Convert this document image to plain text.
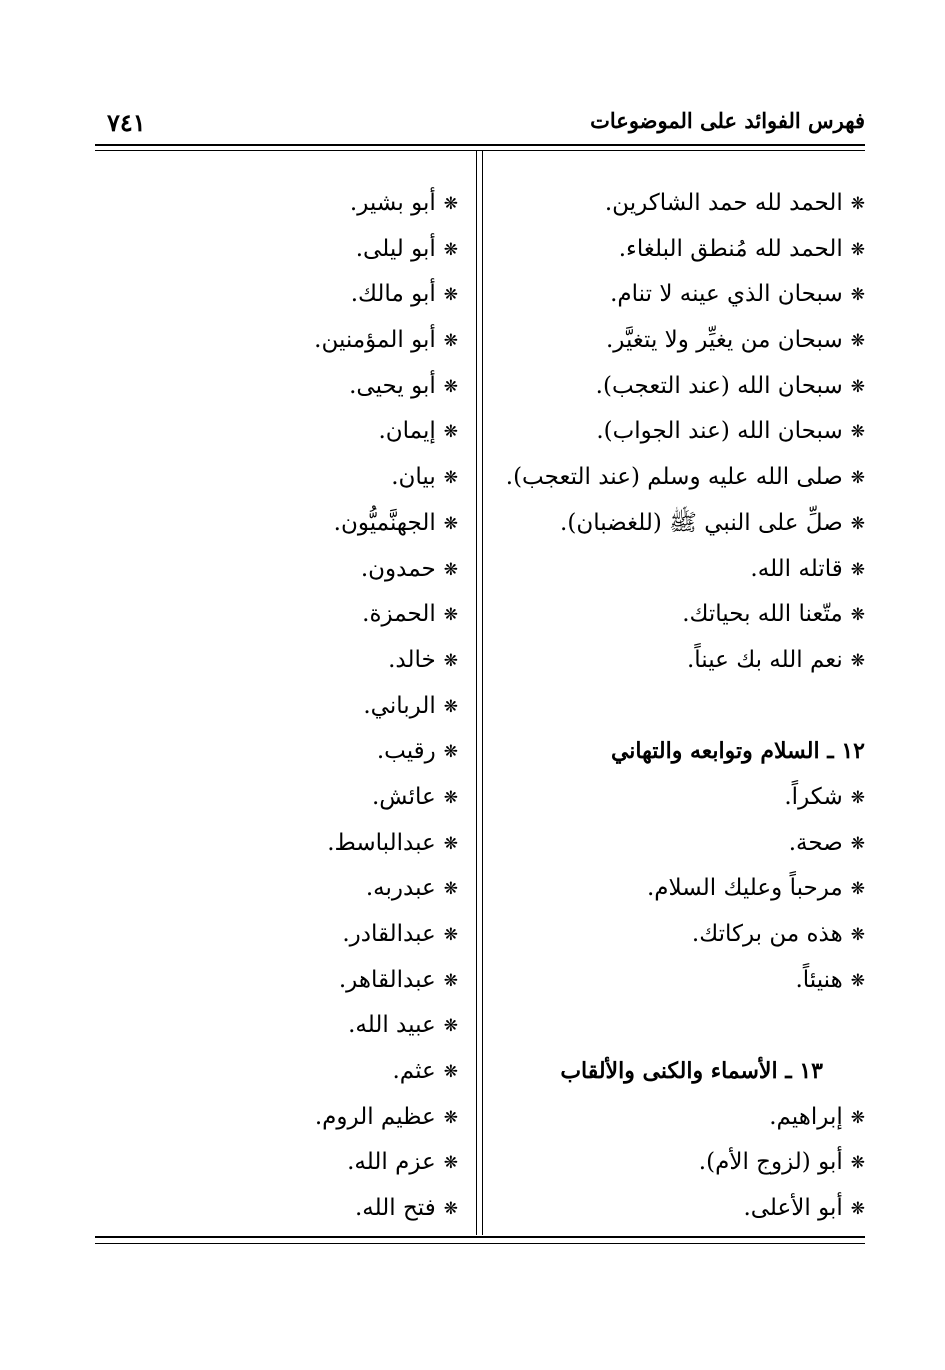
فهرس الفوائد على الموضوعات
٧٤١
❋الحمد لله حمد الشاكرين.
❋الحمد لله مُنطق البلغاء.
❋سبحان الذي عينه لا تنام.
❋سبحان من يغيِّر ولا يتغيَّر.
❋سبحان الله (عند التعجب).
❋سبحان الله (عند الجواب).
❋صلى الله عليه وسلم (عند التعجب).
❋صلِّ على النبي ﷺ (للغضبان).
❋قاتله الله.
❋متّعنا الله بحياتك.
❋نعم الله بك عيناً.
١٢ ـ السلام وتوابعه والتهاني
❋شكراً.
❋صحة.
❋مرحباً وعليك السلام.
❋هذه من بركاتك.
❋هنيئاً.
١٣ ـ الأسماء والكنى والألقاب
❋إبراهيم.
❋أبو (لزوج الأم).
❋أبو الأعلى.
❋أبو بشير.
❋أبو ليلى.
❋أبو مالك.
❋أبو المؤمنين.
❋أبو يحيى.
❋إيمان.
❋بيان.
❋الجهنَّميُّون.
❋حمدون.
❋الحمزة.
❋خالد.
❋الرباني.
❋رقيب.
❋عائش.
❋عبدالباسط.
❋عبدربه.
❋عبدالقادر.
❋عبدالقاهر.
❋عبيد الله.
❋عثم.
❋عظيم الروم.
❋عزم الله.
❋فتح الله.
